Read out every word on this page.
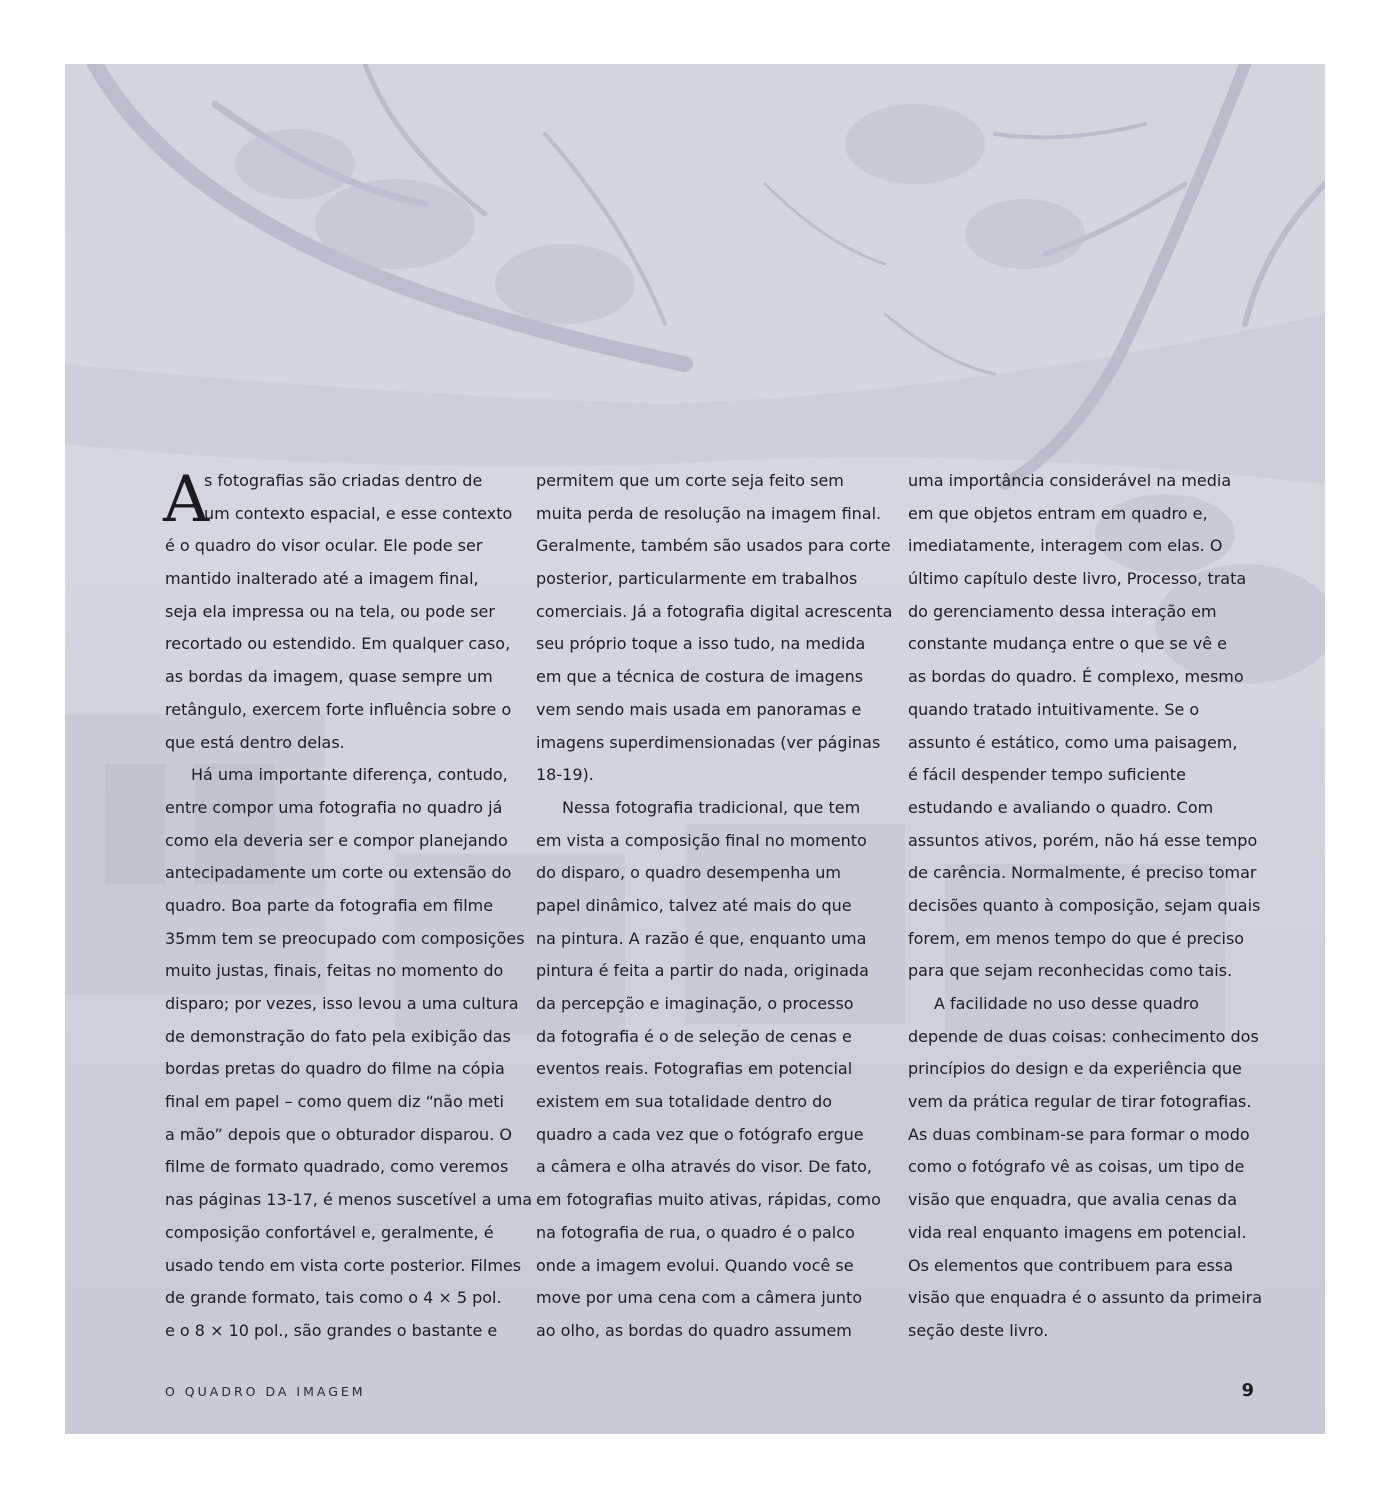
A
s fotografias são criadas dentro de
um contexto espacial, e esse contexto
é o quadro do visor ocular. Ele pode ser
mantido inalterado até a imagem final,
seja ela impressa ou na tela, ou pode ser
recortado ou estendido. Em qualquer caso,
as bordas da imagem, quase sempre um
retângulo, exercem forte influência sobre o
que está dentro delas.
Há uma importante diferença, contudo,
entre compor uma fotografia no quadro já
como ela deveria ser e compor planejando
antecipadamente um corte ou extensão do
quadro. Boa parte da fotografia em filme
35mm tem se preocupado com composições
muito justas, finais, feitas no momento do
disparo; por vezes, isso levou a uma cultura
de demonstração do fato pela exibição das
bordas pretas do quadro do filme na cópia
final em papel – como quem diz “não meti
a mão” depois que o obturador disparou. O
filme de formato quadrado, como veremos
nas páginas 13-17, é menos suscetível a uma
composição confortável e, geralmente, é
usado tendo em vista corte posterior. Filmes
de grande formato, tais como o 4 × 5 pol.
e o 8 × 10 pol., são grandes o bastante e
permitem que um corte seja feito sem
muita perda de resolução na imagem final.
Geralmente, também são usados para corte
posterior, particularmente em trabalhos
comerciais. Já a fotografia digital acrescenta
seu próprio toque a isso tudo, na medida
em que a técnica de costura de imagens
vem sendo mais usada em panoramas e
imagens superdimensionadas (ver páginas
18-19).
Nessa fotografia tradicional, que tem
em vista a composição final no momento
do disparo, o quadro desempenha um
papel dinâmico, talvez até mais do que
na pintura. A razão é que, enquanto uma
pintura é feita a partir do nada, originada
da percepção e imaginação, o processo
da fotografia é o de seleção de cenas e
eventos reais. Fotografias em potencial
existem em sua totalidade dentro do
quadro a cada vez que o fotógrafo ergue
a câmera e olha através do visor. De fato,
em fotografias muito ativas, rápidas, como
na fotografia de rua, o quadro é o palco
onde a imagem evolui. Quando você se
move por uma cena com a câmera junto
ao olho, as bordas do quadro assumem
uma importância considerável na media
em que objetos entram em quadro e,
imediatamente, interagem com elas. O
último capítulo deste livro, Processo, trata
do gerenciamento dessa interação em
constante mudança entre o que se vê e
as bordas do quadro. É complexo, mesmo
quando tratado intuitivamente. Se o
assunto é estático, como uma paisagem,
é fácil despender tempo suficiente
estudando e avaliando o quadro. Com
assuntos ativos, porém, não há esse tempo
de carência. Normalmente, é preciso tomar
decisões quanto à composição, sejam quais
forem, em menos tempo do que é preciso
para que sejam reconhecidas como tais.
A facilidade no uso desse quadro
depende de duas coisas: conhecimento dos
princípios do design e da experiência que
vem da prática regular de tirar fotografias.
As duas combinam-se para formar o modo
como o fotógrafo vê as coisas, um tipo de
visão que enquadra, que avalia cenas da
vida real enquanto imagens em potencial.
Os elementos que contribuem para essa
visão que enquadra é o assunto da primeira
seção deste livro.
O QUADRO DA IMAGEM	9
